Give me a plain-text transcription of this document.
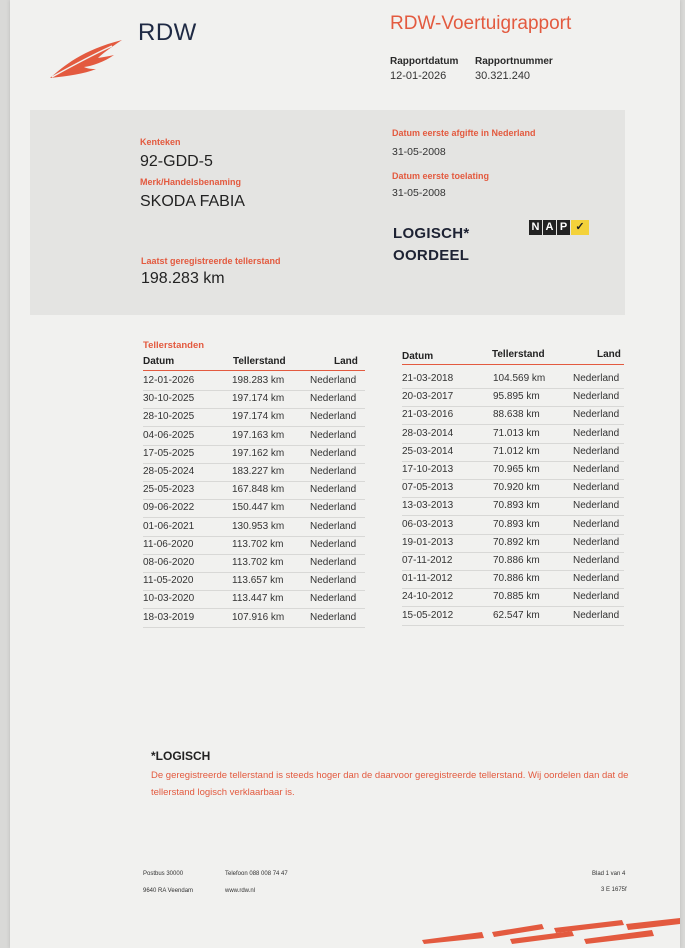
RDW	RDW-Voertuigrapport
Rapportdatum
12-01-2026
Rapportnummer
30.321.240
Kenteken
92-GDD-5
Merk/Handelsbenaming
SKODA FABIA
Laatst geregistreerde tellerstand
198.283 km
Datum eerste afgifte in Nederland
31-05-2008
Datum eerste toelating
31-05-2008
LOGISCH*
OORDEEL
N A P ✓
Tellerstanden
Datum	Tellerstand	Land
12-01-2026	198.283 km	Nederland
30-10-2025	197.174 km	Nederland
28-10-2025	197.174 km	Nederland
04-06-2025	197.163 km	Nederland
17-05-2025	197.162 km	Nederland
28-05-2024	183.227 km	Nederland
25-05-2023	167.848 km	Nederland
09-06-2022	150.447 km	Nederland
01-06-2021	130.953 km	Nederland
11-06-2020	113.702 km	Nederland
08-06-2020	113.702 km	Nederland
11-05-2020	113.657 km	Nederland
10-03-2020	113.447 km	Nederland
18-03-2019	107.916 km	Nederland
Datum	Tellerstand	Land
21-03-2018	104.569 km	Nederland
20-03-2017	95.895 km	Nederland
21-03-2016	88.638 km	Nederland
28-03-2014	71.013 km	Nederland
25-03-2014	71.012 km	Nederland
17-10-2013	70.965 km	Nederland
07-05-2013	70.920 km	Nederland
13-03-2013	70.893 km	Nederland
06-03-2013	70.893 km	Nederland
19-01-2013	70.892 km	Nederland
07-11-2012	70.886 km	Nederland
01-11-2012	70.886 km	Nederland
24-10-2012	70.885 km	Nederland
15-05-2012	62.547 km	Nederland
*LOGISCH
De geregistreerde tellerstand is steeds hoger dan de daarvoor geregistreerde tellerstand. Wij oordelen dan dat de tellerstand logisch verklaarbaar is.
Postbus 30000
9640 RA Veendam
Telefoon 088 008 74 47
www.rdw.nl
Blad 1 van 4
3 E 1675f
